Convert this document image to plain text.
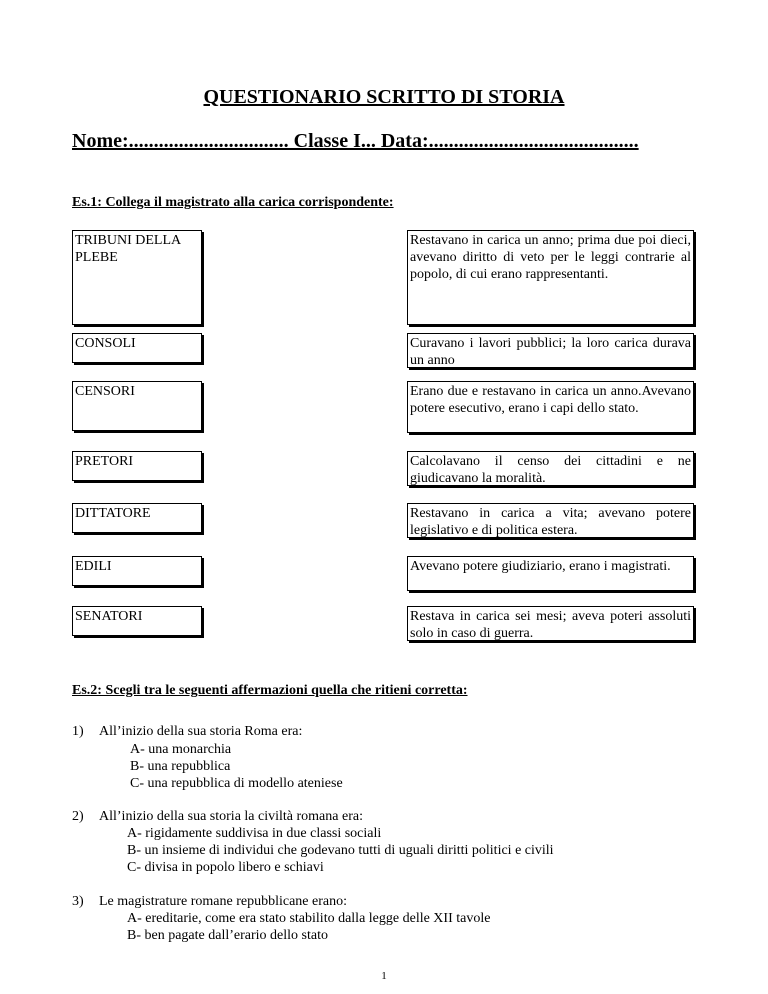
QUESTIONARIO SCRITTO DI STORIA
Nome:................................ Classe I... Data:..........................................
Es.1: Collega il magistrato alla carica corrispondente:
TRIBUNI DELLA PLEBE
CONSOLI
CENSORI
PRETORI
DITTATORE
EDILI
SENATORI
Restavano in carica un anno; prima due poi dieci, avevano diritto di veto per le leggi contrarie al popolo, di cui erano rappresentanti.
Curavano i lavori pubblici; la loro carica durava un anno
Erano due e restavano in carica un anno.Avevano potere esecutivo, erano i capi dello stato.
Calcolavano il censo dei cittadini e ne giudicavano la moralità.
Restavano in carica a vita; avevano potere legislativo e di politica estera.
Avevano potere giudiziario, erano i magistrati.
Restava in carica sei mesi; aveva poteri assoluti solo in caso di guerra.
Es.2: Scegli tra le seguenti affermazioni quella che ritieni corretta:
1) All’inizio della sua storia Roma era:
A- una monarchia
B- una repubblica
C- una repubblica di modello ateniese
2) All’inizio della sua storia la civiltà romana era:
A- rigidamente suddivisa in due classi sociali
B- un insieme di individui che godevano tutti di uguali diritti politici e civili
C- divisa in popolo libero e schiavi
3) Le magistrature romane repubblicane erano:
A- ereditarie, come era stato stabilito dalla legge delle XII tavole
B- ben pagate dall’erario dello stato
1
